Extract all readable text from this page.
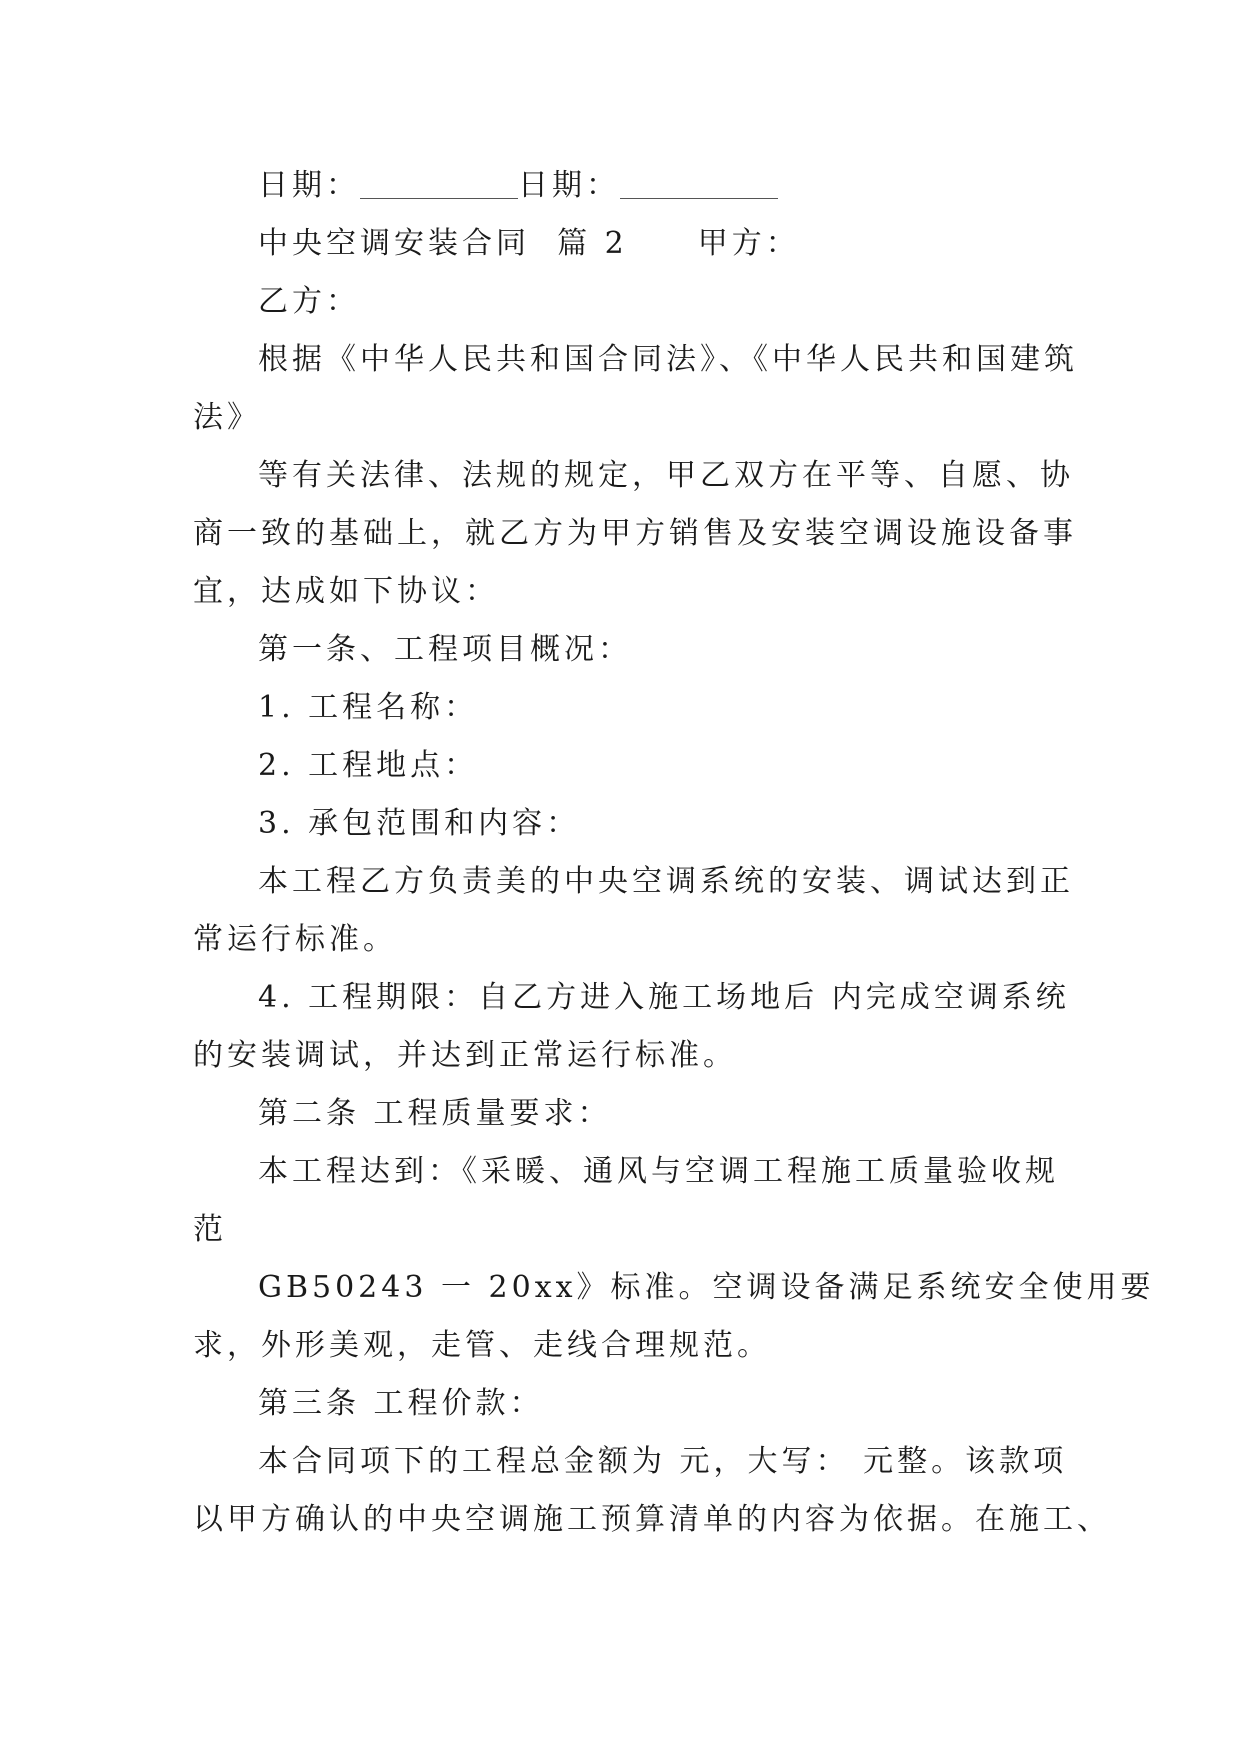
日期：	日期：
中央空调安装合同  篇 2 甲方：
乙方：
根据《中华人民共和国合同法》、《中华人民共和国建筑
法》
等有关法律、法规的规定，甲乙双方在平等、自愿、协
商一致的基础上，就乙方为甲方销售及安装空调设施设备事
宜，达成如下协议：
第一条、工程项目概况：
1. 工程名称：
2. 工程地点：
3. 承包范围和内容：
本工程乙方负责美的中央空调系统的安装、调试达到正
常运行标准。
4. 工程期限：自乙方进入施工场地后 内完成空调系统
的安装调试，并达到正常运行标准。
第二条 工程质量要求：
本工程达到：《采暖、通风与空调工程施工质量验收规
范
GB50243 一 20xx》标准。空调设备满足系统安全使用要
求，外形美观，走管、走线合理规范。
第三条 工程价款：
本合同项下的工程总金额为 元，大写： 元整。该款项
以甲方确认的中央空调施工预算清单的内容为依据。在施工、
